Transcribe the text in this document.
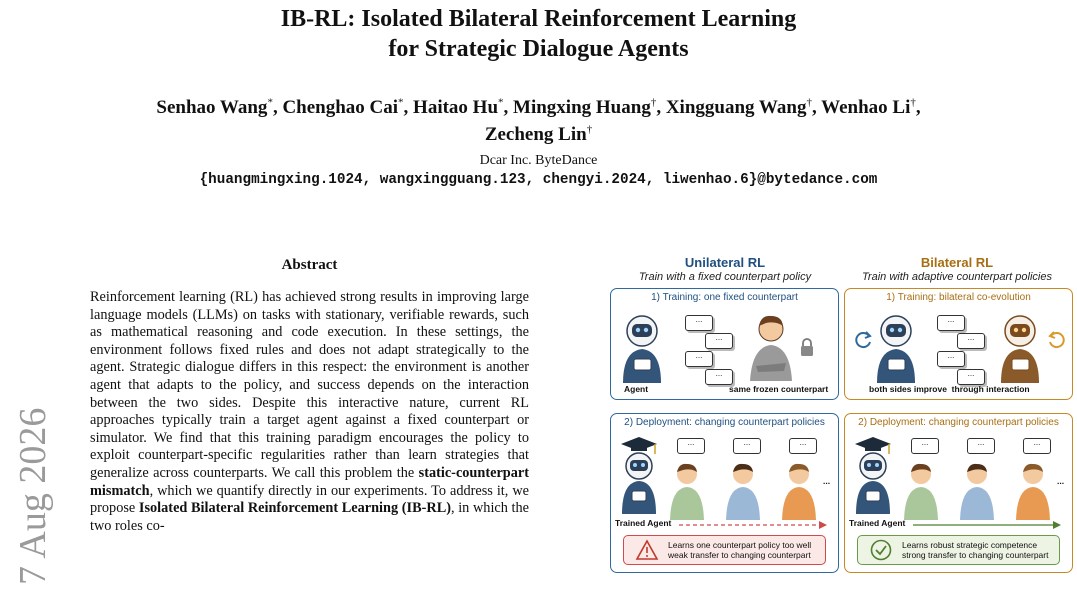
IB-RL: Isolated Bilateral Reinforcement Learning
for Strategic Dialogue Agents
Senhao Wang*, Chenghao Cai*, Haitao Hu*, Mingxing Huang†, Xingguang Wang†, Wenhao Li†,
Zecheng Lin†
Dcar Inc. ByteDance
{huangmingxing.1024, wangxingguang.123, chengyi.2024, liwenhao.6}@bytedance.com
7 Aug 2026
Abstract
Reinforcement learning (RL) has achieved strong results in improving large language models (LLMs) on tasks with stationary, verifiable rewards, such as mathematical reasoning and code execution. In these settings, the environment follows fixed rules and does not adapt strategically to the agent. Strategic dialogue differs in this respect: the environment is another agent that adapts to the policy, and success depends on the interaction between the two sides. Despite this interactive nature, current RL approaches typically train a target agent against a fixed counterpart or simulator. We find that this training paradigm encourages the policy to exploit counterpart-specific regularities rather than learn strategies that generalize across counterparts. We call this problem the static-counterpart mismatch, which we quantify directly in our experiments. To address it, we propose Isolated Bilateral Reinforcement Learning (IB-RL), in which the two roles co-
Unilateral RL
Train with a fixed counterpart policy
Bilateral RL
Train with adaptive counterpart policies
1) Training: one fixed counterpart
Agent
...
...
...
...
same frozen counterpart
1) Training: bilateral co-evolution
...
...
...
...
both sides improve through interaction
2) Deployment: changing counterpart policies
...	...	...
...
Trained Agent
Learns one counterpart policy too well
weak transfer to changing counterpart
2) Deployment: changing counterpart policies
...	...	...
...
Trained Agent
Learns robust strategic competence
strong transfer to changing counterpart
